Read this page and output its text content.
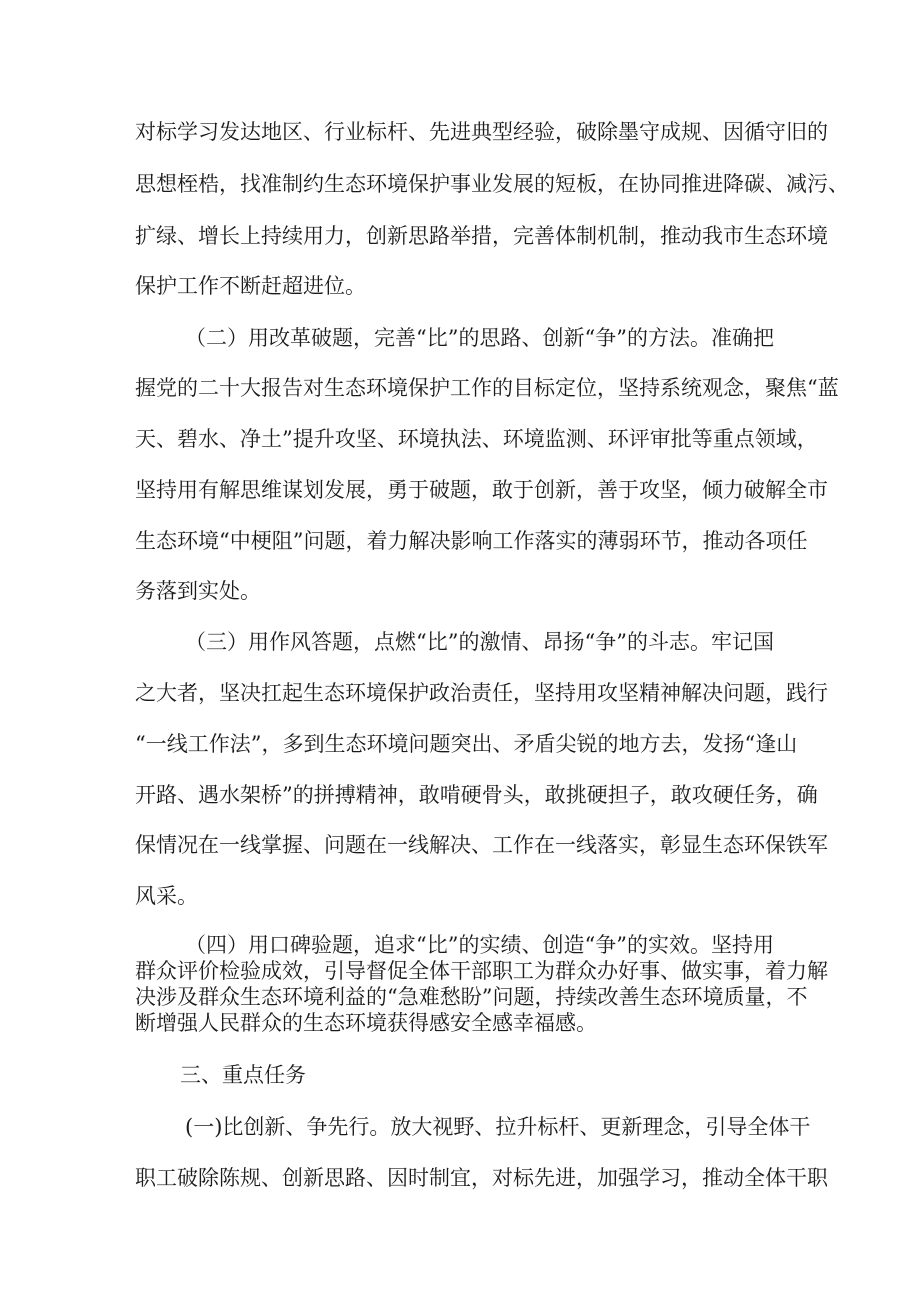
对标学习发达地区、行业标杆、先进典型经验，破除墨守成规、因循守旧的

思想桎梏，找准制约生态环境保护事业发展的短板，在协同推进降碳、减污、

扩绿、增长上持续用力，创新思路举措，完善体制机制，推动我市生态环境

保护工作不断赶超进位。

（二）用改革破题，完善“比”的思路、创新“争”的方法。准确把

握党的二十大报告对生态环境保护工作的目标定位，坚持系统观念，聚焦“蓝

天、碧水、净土”提升攻坚、环境执法、环境监测、环评审批等重点领域，

坚持用有解思维谋划发展，勇于破题，敢于创新，善于攻坚，倾力破解全市

生态环境“中梗阻”问题，着力解决影响工作落实的薄弱环节，推动各项任

务落到实处。

（三）用作风答题，点燃“比”的激情、昂扬“争”的斗志。牢记国

之大者，坚决扛起生态环境保护政治责任，坚持用攻坚精神解决问题，践行

“一线工作法”，多到生态环境问题突出、矛盾尖锐的地方去，发扬“逢山

开路、遇水架桥”的拼搏精神，敢啃硬骨头，敢挑硬担子，敢攻硬任务，确

保情况在一线掌握、问题在一线解决、工作在一线落实，彰显生态环保铁军

风采。

（四）用口碑验题，追求“比”的实绩、创造“争”的实效。坚持用

群众评价检验成效，引导督促全体干部职工为群众办好事、做实事，着力解

决涉及群众生态环境利益的“急难愁盼”问题，持续改善生态环境质量，不

断增强人民群众的生态环境获得感安全感幸福感。

三、重点任务

(一)比创新、争先行。放大视野、拉升标杆、更新理念，引导全体干

职工破除陈规、创新思路、因时制宜，对标先进，加强学习，推动全体干职
